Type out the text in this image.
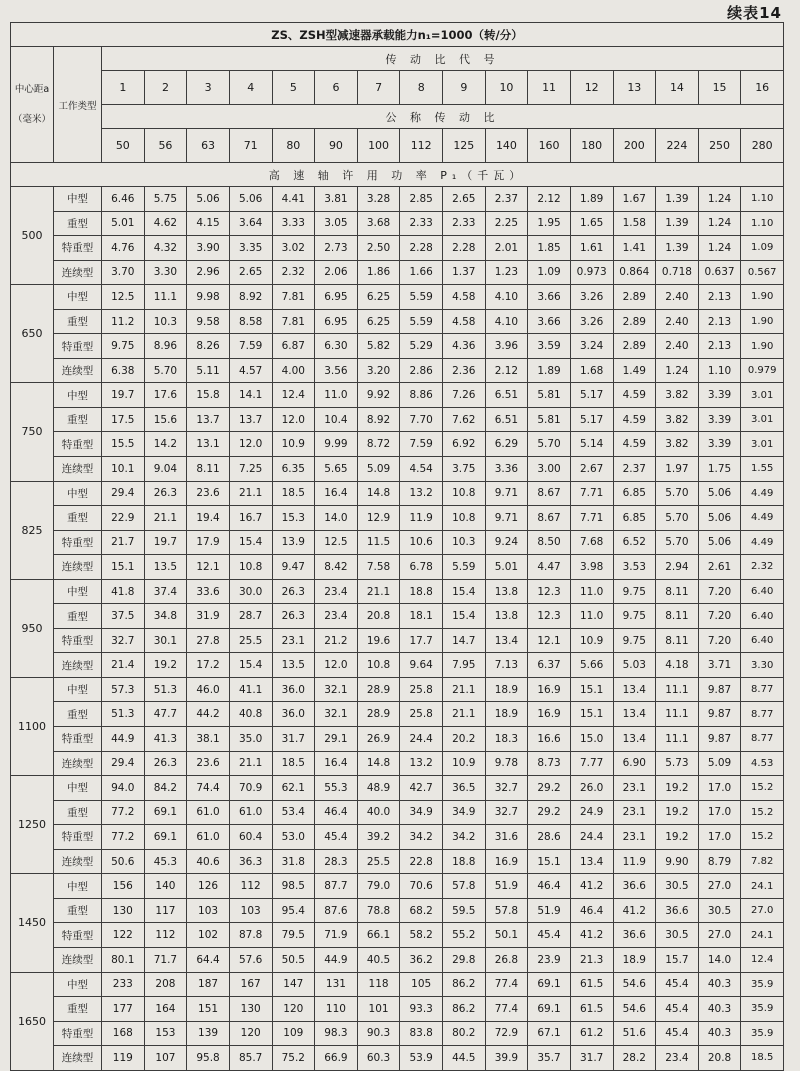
续表14
ZS、ZSH型减速器承载能力n₁=1000（转/分）																	

中心距a
（毫米）	工作类型	传 动 比 代 号															
		1	2	3	4	5	6	7	8	9	10	11	12	13	14	15	16
		公 称 传 动 比															
		50	56	63	71	80	90	100	112	125	140	160	180	200	224	250	280
高 速 轴 许 用 功 率 P₁（千瓦）																	
500	中型	6.46	5.75	5.06	5.06	4.41	3.81	3.28	2.85	2.65	2.37	2.12	1.89	1.67	1.39	1.24	1.10
	重型	5.01	4.62	4.15	3.64	3.33	3.05	3.68	2.33	2.33	2.25	1.95	1.65	1.58	1.39	1.24	1.10
	特重型	4.76	4.32	3.90	3.35	3.02	2.73	2.50	2.28	2.28	2.01	1.85	1.61	1.41	1.39	1.24	1.09
	连续型	3.70	3.30	2.96	2.65	2.32	2.06	1.86	1.66	1.37	1.23	1.09	0.973	0.864	0.718	0.637	0.567
650	中型	12.5	11.1	9.98	8.92	7.81	6.95	6.25	5.59	4.58	4.10	3.66	3.26	2.89	2.40	2.13	1.90
	重型	11.2	10.3	9.58	8.58	7.81	6.95	6.25	5.59	4.58	4.10	3.66	3.26	2.89	2.40	2.13	1.90
	特重型	9.75	8.96	8.26	7.59	6.87	6.30	5.82	5.29	4.36	3.96	3.59	3.24	2.89	2.40	2.13	1.90
	连续型	6.38	5.70	5.11	4.57	4.00	3.56	3.20	2.86	2.36	2.12	1.89	1.68	1.49	1.24	1.10	0.979
750	中型	19.7	17.6	15.8	14.1	12.4	11.0	9.92	8.86	7.26	6.51	5.81	5.17	4.59	3.82	3.39	3.01
	重型	17.5	15.6	13.7	13.7	12.0	10.4	8.92	7.70	7.62	6.51	5.81	5.17	4.59	3.82	3.39	3.01
	特重型	15.5	14.2	13.1	12.0	10.9	9.99	8.72	7.59	6.92	6.29	5.70	5.14	4.59	3.82	3.39	3.01
	连续型	10.1	9.04	8.11	7.25	6.35	5.65	5.09	4.54	3.75	3.36	3.00	2.67	2.37	1.97	1.75	1.55
825	中型	29.4	26.3	23.6	21.1	18.5	16.4	14.8	13.2	10.8	9.71	8.67	7.71	6.85	5.70	5.06	4.49
	重型	22.9	21.1	19.4	16.7	15.3	14.0	12.9	11.9	10.8	9.71	8.67	7.71	6.85	5.70	5.06	4.49
	特重型	21.7	19.7	17.9	15.4	13.9	12.5	11.5	10.6	10.3	9.24	8.50	7.68	6.52	5.70	5.06	4.49
	连续型	15.1	13.5	12.1	10.8	9.47	8.42	7.58	6.78	5.59	5.01	4.47	3.98	3.53	2.94	2.61	2.32
950	中型	41.8	37.4	33.6	30.0	26.3	23.4	21.1	18.8	15.4	13.8	12.3	11.0	9.75	8.11	7.20	6.40
	重型	37.5	34.8	31.9	28.7	26.3	23.4	20.8	18.1	15.4	13.8	12.3	11.0	9.75	8.11	7.20	6.40
	特重型	32.7	30.1	27.8	25.5	23.1	21.2	19.6	17.7	14.7	13.4	12.1	10.9	9.75	8.11	7.20	6.40
	连续型	21.4	19.2	17.2	15.4	13.5	12.0	10.8	9.64	7.95	7.13	6.37	5.66	5.03	4.18	3.71	3.30
1100	中型	57.3	51.3	46.0	41.1	36.0	32.1	28.9	25.8	21.1	18.9	16.9	15.1	13.4	11.1	9.87	8.77
	重型	51.3	47.7	44.2	40.8	36.0	32.1	28.9	25.8	21.1	18.9	16.9	15.1	13.4	11.1	9.87	8.77
	特重型	44.9	41.3	38.1	35.0	31.7	29.1	26.9	24.4	20.2	18.3	16.6	15.0	13.4	11.1	9.87	8.77
	连续型	29.4	26.3	23.6	21.1	18.5	16.4	14.8	13.2	10.9	9.78	8.73	7.77	6.90	5.73	5.09	4.53
1250	中型	94.0	84.2	74.4	70.9	62.1	55.3	48.9	42.7	36.5	32.7	29.2	26.0	23.1	19.2	17.0	15.2
	重型	77.2	69.1	61.0	61.0	53.4	46.4	40.0	34.9	34.9	32.7	29.2	24.9	23.1	19.2	17.0	15.2
	特重型	77.2	69.1	61.0	60.4	53.0	45.4	39.2	34.2	34.2	31.6	28.6	24.4	23.1	19.2	17.0	15.2
	连续型	50.6	45.3	40.6	36.3	31.8	28.3	25.5	22.8	18.8	16.9	15.1	13.4	11.9	9.90	8.79	7.82
1450	中型	156	140	126	112	98.5	87.7	79.0	70.6	57.8	51.9	46.4	41.2	36.6	30.5	27.0	24.1
	重型	130	117	103	103	95.4	87.6	78.8	68.2	59.5	57.8	51.9	46.4	41.2	36.6	30.5	27.0
	特重型	122	112	102	87.8	79.5	71.9	66.1	58.2	55.2	50.1	45.4	41.2	36.6	30.5	27.0	24.1
	连续型	80.1	71.7	64.4	57.6	50.5	44.9	40.5	36.2	29.8	26.8	23.9	21.3	18.9	15.7	14.0	12.4
1650	中型	233	208	187	167	147	131	118	105	86.2	77.4	69.1	61.5	54.6	45.4	40.3	35.9
	重型	177	164	151	130	120	110	101	93.3	86.2	77.4	69.1	61.5	54.6	45.4	40.3	35.9
	特重型	168	153	139	120	109	98.3	90.3	83.8	80.2	72.9	67.1	61.2	51.6	45.4	40.3	35.9
	连续型	119	107	95.8	85.7	75.2	66.9	60.3	53.9	44.5	39.9	35.7	31.7	28.2	23.4	20.8	18.5
